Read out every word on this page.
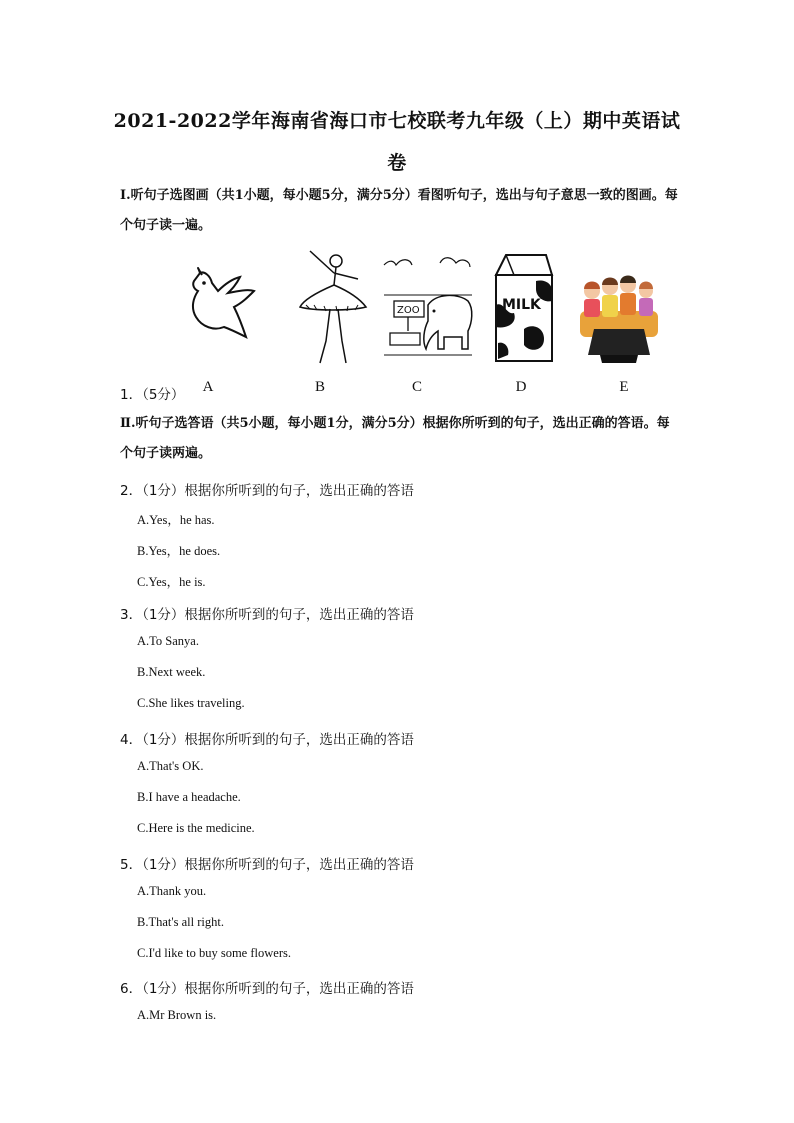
2021-2022学年海南省海口市七校联考九年级（上）期中英语试
卷
Ⅰ.听句子选图画（共1小题，每小题5分，满分5分）看图听句子，选出与句子意思一致的图画。每个句子读一遍。
A	B
ZOO
C
MILK
D	E
1．（5分）
Ⅱ.听句子选答语（共5小题，每小题1分，满分5分）根据你所听到的句子，选出正确的答语。每个句子读两遍。
2．（1分）根据你所听到的句子，选出正确的答语
A.Yes，he has.
B.Yes，he does.
C.Yes，he is.
3．（1分）根据你所听到的句子，选出正确的答语
A.To Sanya.
B.Next week.
C.She likes traveling.
4．（1分）根据你所听到的句子，选出正确的答语
A.That's OK.
B.I have a headache.
C.Here is the medicine.
5．（1分）根据你所听到的句子，选出正确的答语
A.Thank you.
B.That's all right.
C.I'd like to buy some flowers.
6．（1分）根据你所听到的句子，选出正确的答语
A.Mr Brown is.
